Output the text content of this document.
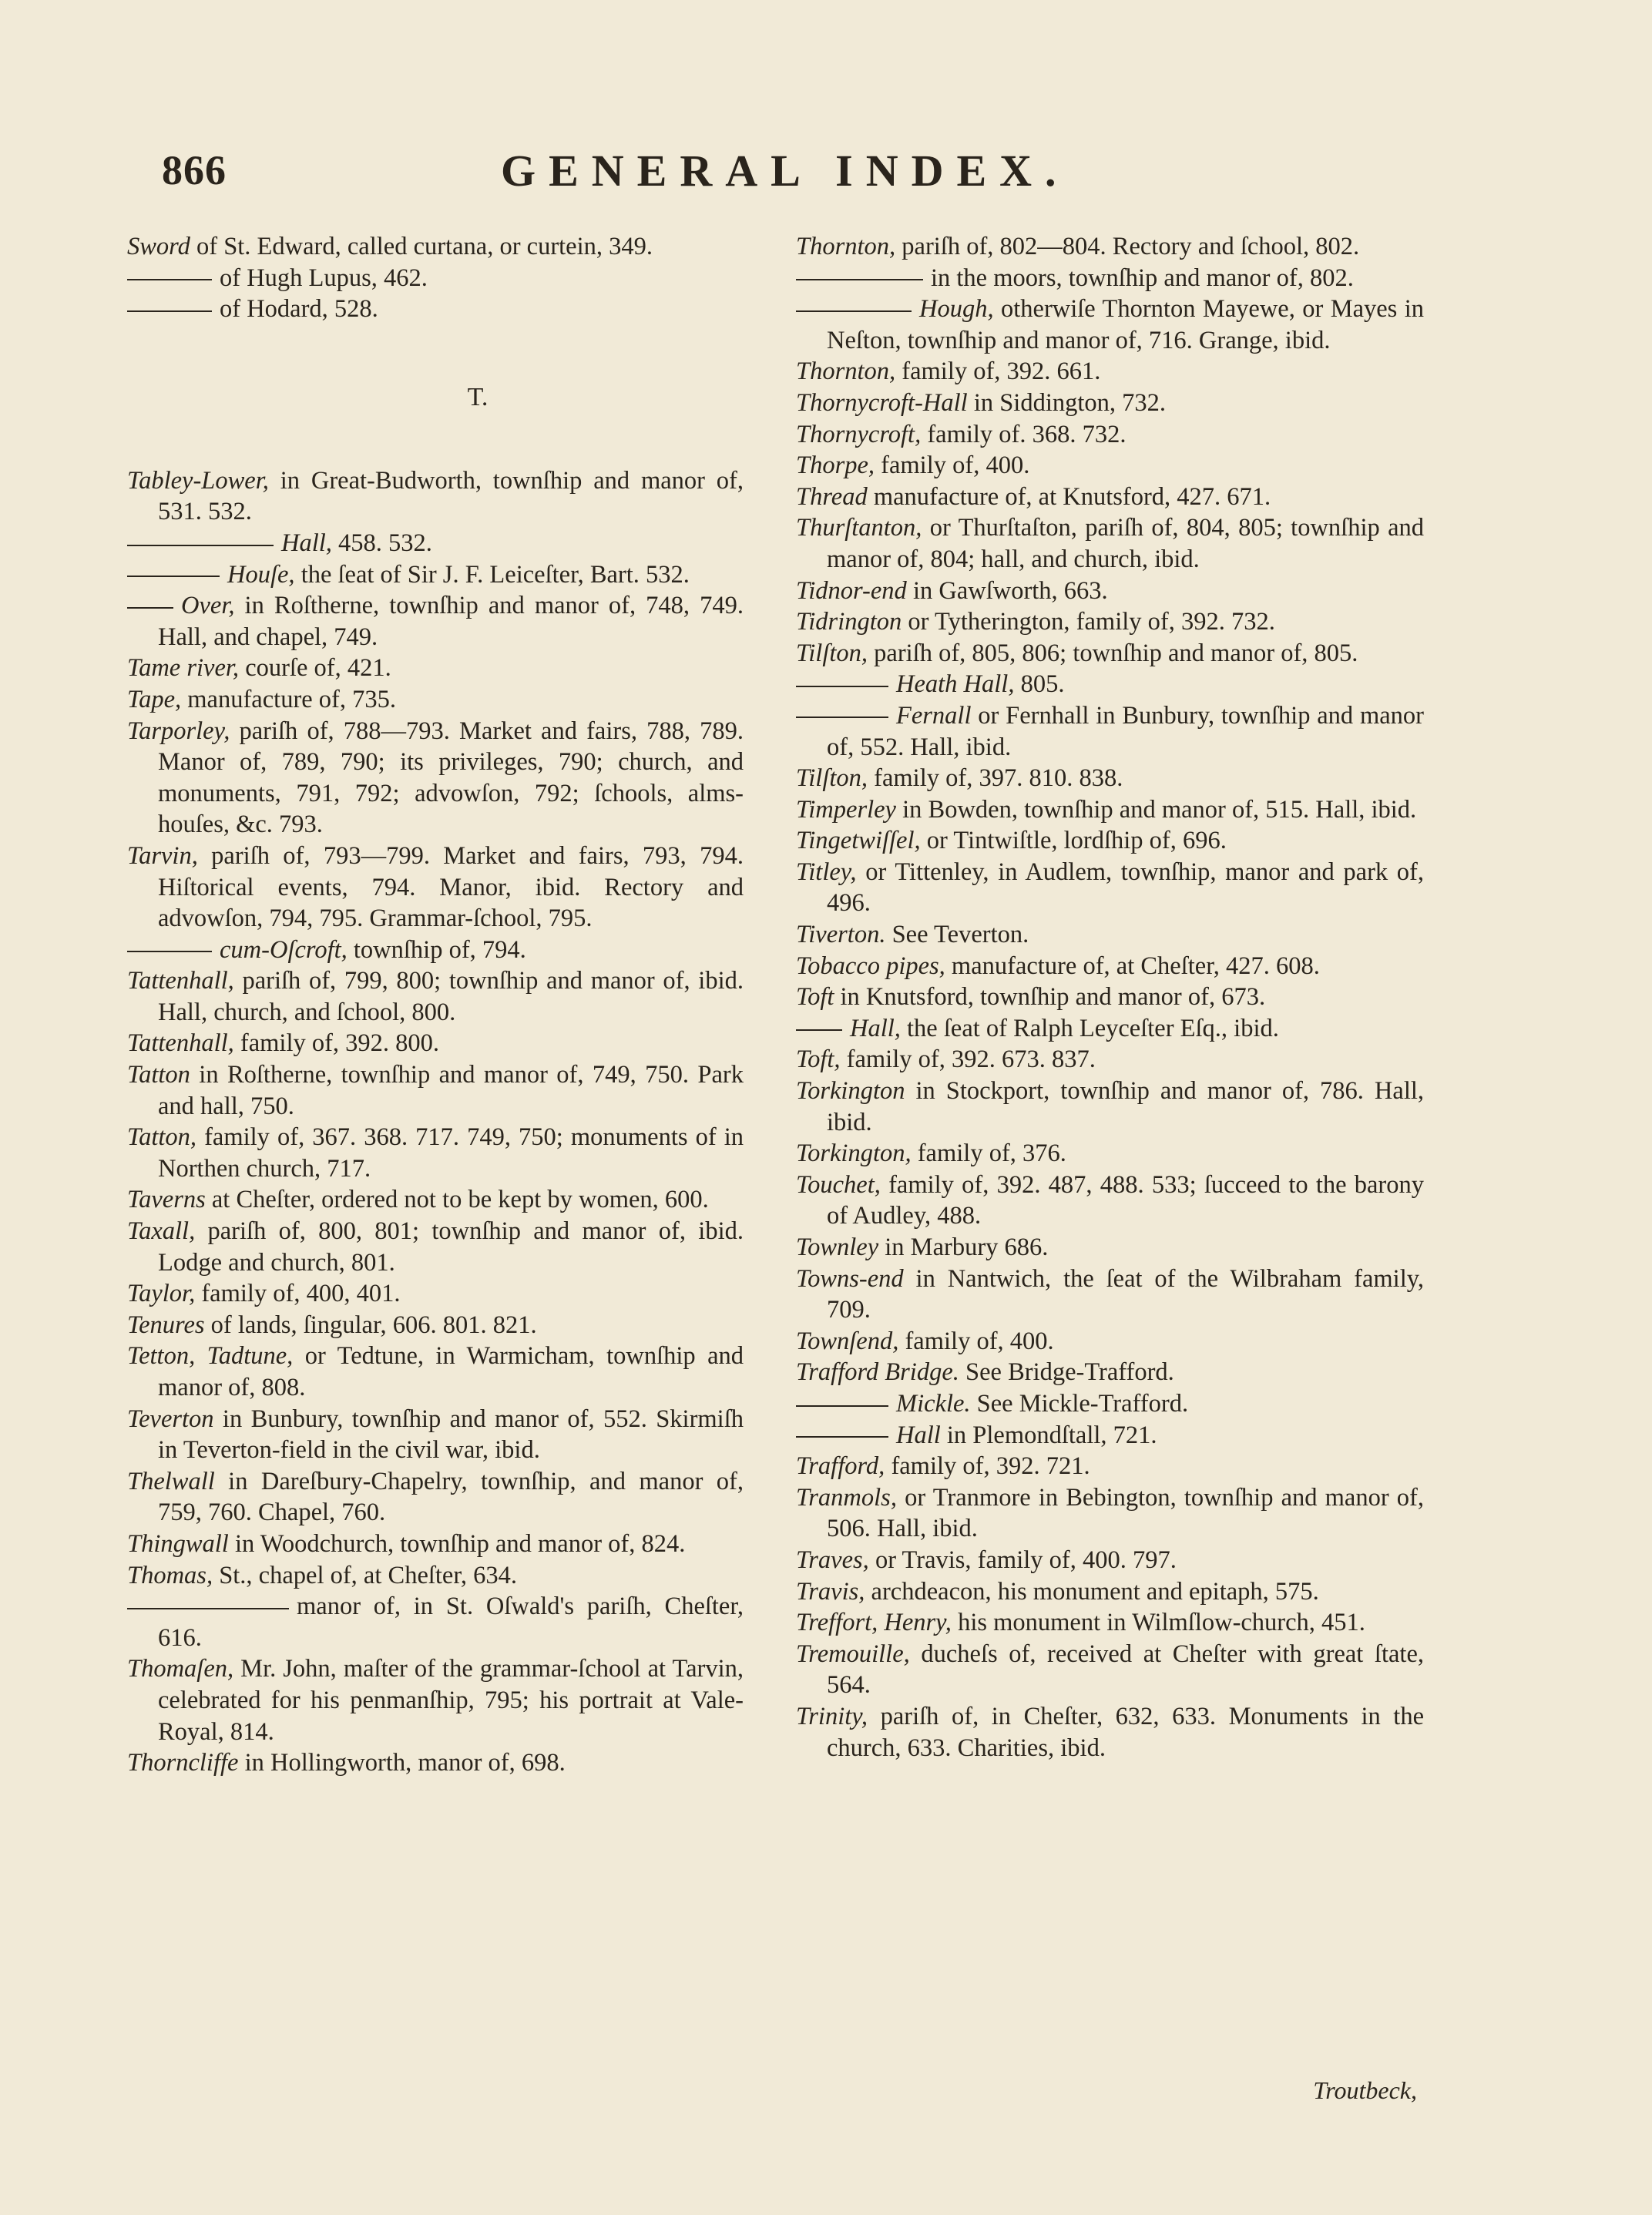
866	GENERAL INDEX.
Sword of St. Edward, called curtana, or curtein, 349.
of Hugh Lupus, 462.
of Hodard, 528.
T.
Tabley-Lower, in Great-Budworth, townſhip and manor of, 531. 532.
Hall, 458. 532.
Houſe, the ſeat of Sir J. F. Leiceſter, Bart. 532.
Over, in Roſtherne, townſhip and manor of, 748, 749. Hall, and chapel, 749.
Tame river, courſe of, 421.
Tape, manufacture of, 735.
Tarporley, pariſh of, 788—793. Market and fairs, 788, 789. Manor of, 789, 790; its privileges, 790; church, and monuments, 791, 792; advowſon, 792; ſchools, alms-houſes, &c. 793.
Tarvin, pariſh of, 793—799. Market and fairs, 793, 794. Hiſtorical events, 794. Manor, ibid. Rectory and advowſon, 794, 795. Grammar-ſchool, 795.
cum-Oſcroft, townſhip of, 794.
Tattenhall, pariſh of, 799, 800; townſhip and manor of, ibid. Hall, church, and ſchool, 800.
Tattenhall, family of, 392. 800.
Tatton in Roſtherne, townſhip and manor of, 749, 750. Park and hall, 750.
Tatton, family of, 367. 368. 717. 749, 750; monuments of in Northen church, 717.
Taverns at Cheſter, ordered not to be kept by women, 600.
Taxall, pariſh of, 800, 801; townſhip and manor of, ibid. Lodge and church, 801.
Taylor, family of, 400, 401.
Tenures of lands, ſingular, 606. 801. 821.
Tetton, Tadtune, or Tedtune, in Warmicham, townſhip and manor of, 808.
Teverton in Bunbury, townſhip and manor of, 552. Skirmiſh in Teverton-field in the civil war, ibid.
Thelwall in Dareſbury-Chapelry, townſhip, and manor of, 759, 760. Chapel, 760.
Thingwall in Woodchurch, townſhip and manor of, 824.
Thomas, St., chapel of, at Cheſter, 634.
manor of, in St. Oſwald's pariſh, Cheſter, 616.
Thomaſen, Mr. John, maſter of the grammar-ſchool at Tarvin, celebrated for his penmanſhip, 795; his portrait at Vale-Royal, 814.
Thorncliffe in Hollingworth, manor of, 698.
Thornton, pariſh of, 802—804. Rectory and ſchool, 802.
in the moors, townſhip and manor of, 802.
Hough, otherwiſe Thornton Mayewe, or Mayes in Neſton, townſhip and manor of, 716. Grange, ibid.
Thornton, family of, 392. 661.
Thornycroft-Hall in Siddington, 732.
Thornycroft, family of. 368. 732.
Thorpe, family of, 400.
Thread manufacture of, at Knutsford, 427. 671.
Thurſtanton, or Thurſtaſton, pariſh of, 804, 805; townſhip and manor of, 804; hall, and church, ibid.
Tidnor-end in Gawſworth, 663.
Tidrington or Tytherington, family of, 392. 732.
Tilſton, pariſh of, 805, 806; townſhip and manor of, 805.
Heath Hall, 805.
Fernall or Fernhall in Bunbury, townſhip and manor of, 552. Hall, ibid.
Tilſton, family of, 397. 810. 838.
Timperley in Bowden, townſhip and manor of, 515. Hall, ibid.
Tingetwiſſel, or Tintwiſtle, lordſhip of, 696.
Titley, or Tittenley, in Audlem, townſhip, manor and park of, 496.
Tiverton. See Teverton.
Tobacco pipes, manufacture of, at Cheſter, 427. 608.
Toft in Knutsford, townſhip and manor of, 673.
Hall, the ſeat of Ralph Leyceſter Eſq., ibid.
Toft, family of, 392. 673. 837.
Torkington in Stockport, townſhip and manor of, 786. Hall, ibid.
Torkington, family of, 376.
Touchet, family of, 392. 487, 488. 533; ſucceed to the barony of Audley, 488.
Townley in Marbury 686.
Towns-end in Nantwich, the ſeat of the Wilbraham family, 709.
Townſend, family of, 400.
Trafford Bridge. See Bridge-Trafford.
Mickle. See Mickle-Trafford.
Hall in Plemondſtall, 721.
Trafford, family of, 392. 721.
Tranmols, or Tranmore in Bebington, townſhip and manor of, 506. Hall, ibid.
Traves, or Travis, family of, 400. 797.
Travis, archdeacon, his monument and epitaph, 575.
Treffort, Henry, his monument in Wilmſlow-church, 451.
Tremouille, ducheſs of, received at Cheſter with great ſtate, 564.
Trinity, pariſh of, in Cheſter, 632, 633. Monuments in the church, 633. Charities, ibid.
Troutbeck,
